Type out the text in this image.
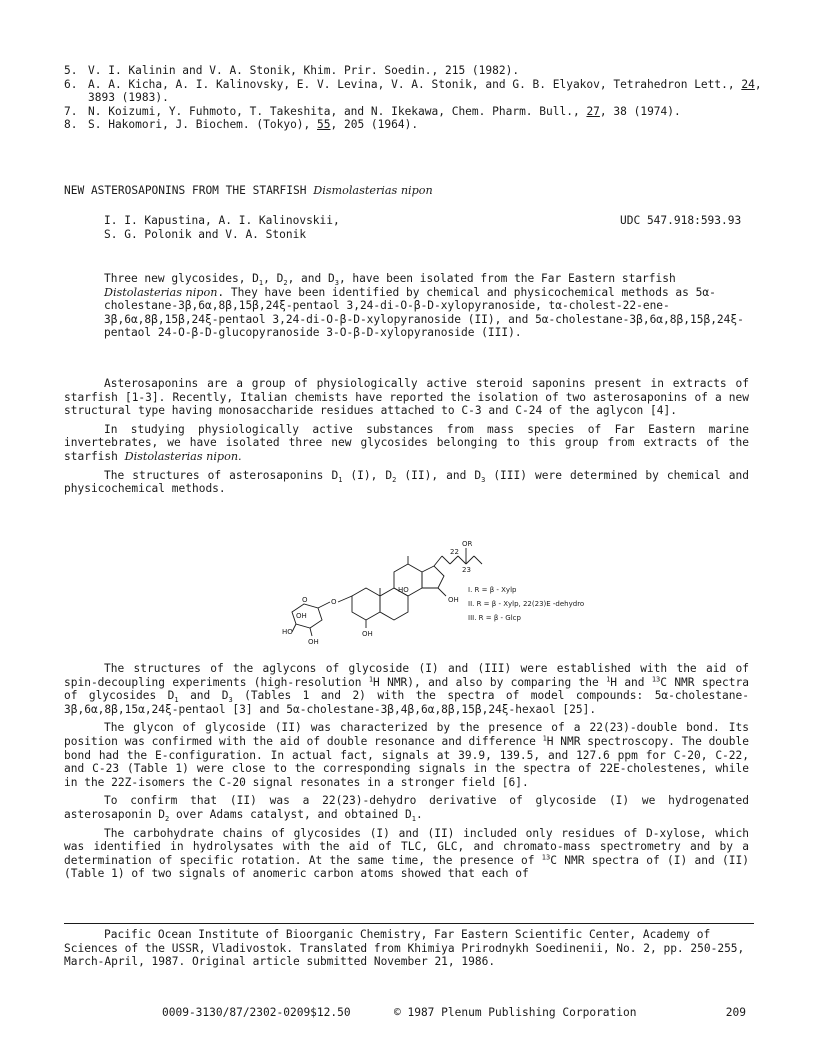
5. V. I. Kalinin and V. A. Stonik, Khim. Prir. Soedin., 215 (1982).
6. A. A. Kicha, A. I. Kalinovsky, E. V. Levina, V. A. Stonik, and G. B. Elyakov, Tetrahedron Lett., 24, 3893 (1983).
7. N. Koizumi, Y. Fuhmoto, T. Takeshita, and N. Ikekawa, Chem. Pharm. Bull., 27, 38 (1974).
8. S. Hakomori, J. Biochem. (Tokyo), 55, 205 (1964).
NEW ASTEROSAPONINS FROM THE STARFISH Dismolasterias nipon
I. I. Kapustina, A. I. Kalinovskii,
S. G. Polonik and V. A. Stonik
UDC 547.918:593.93
Three new glycosides, $D_1$, $D_2$, and $D_3$, have been isolated from the Far Eastern starfish Distolasterias nipon. They have been identified by chemical and physicochemical methods as 5α-cholestane-3β,6α,8β,15β,24ξ-pentaol 3,24-di-O-β-D-xylopyranoside, tα-cholest-22-ene-3β,6α,8β,15β,24ξ-pentaol 3,24-di-O-β-D-xylopyranoside (II), and 5α-cholestane-3β,6α,8β,15β,24ξ-pentaol 24-O-β-D-glucopyranoside 3-O-β-D-xylopyranoside (III).

Asterosaponins are a group of physiologically active steroid saponins present in extracts of starfish [1-3]. Recently, Italian chemists have reported the isolation of two asterosaponins of a new structural type having monosaccharide residues attached to C-3 and C-24 of the aglycon [4].

In studying physiologically active substances from mass species of Far Eastern marine invertebrates, we have isolated three new glycosides belonging to this group from extracts of the starfish Distolasterias nipon.

The structures of asterosaponins $D_1$ (I), $D_2$ (II), and $D_3$ (III) were determined by chemical and physicochemical methods.

OR
22
23
HO
OH
OH
O
O
OH
HO
OH
I. R = β - Xylp
II. R = β - Xylp, 22(23)E -dehydro
III. R = β - Glcp

The structures of the aglycons of glycoside (I) and (III) were established with the aid of spin-decoupling experiments (high-resolution $^1$H NMR), and also by comparing the $^1$H and $^{13}$C NMR spectra of glycosides $D_1$ and $D_3$ (Tables 1 and 2) with the spectra of model compounds: 5α-cholestane-3β,6α,8β,15α,24ξ-pentaol [3] and 5α-cholestane-3β,4β,6α,8β,15β,24ξ-hexaol [25].

The glycon of glycoside (II) was characterized by the presence of a 22(23)-double bond. Its position was confirmed with the aid of double resonance and difference $^1$H NMR spectroscopy. The double bond had the E-configuration. In actual fact, signals at 39.9, 139.5, and 127.6 ppm for C-20, C-22, and C-23 (Table 1) were close to the corresponding signals in the spectra of 22E-cholestenes, while in the 22Z-isomers the C-20 signal resonates in a stronger field [6].

To confirm that (II) was a 22(23)-dehydro derivative of glycoside (I) we hydrogenated asterosaponin $D_2$ over Adams catalyst, and obtained $D_1$.

The carbohydrate chains of glycosides (I) and (II) included only residues of D-xylose, which was identified in hydrolysates with the aid of TLC, GLC, and chromato-mass spectrometry and by a determination of specific rotation. At the same time, the presence of $^{13}$C NMR spectra of (I) and (II) (Table 1) of two signals of anomeric carbon atoms showed that each of

Pacific Ocean Institute of Bioorganic Chemistry, Far Eastern Scientific Center, Academy of Sciences of the USSR, Vladivostok. Translated from Khimiya Prirodnykh Soedinenii, No. 2, pp. 250-255, March-April, 1987. Original article submitted November 21, 1986.
0009-3130/87/2302-0209$12.50	© 1987 Plenum Publishing Corporation	209
